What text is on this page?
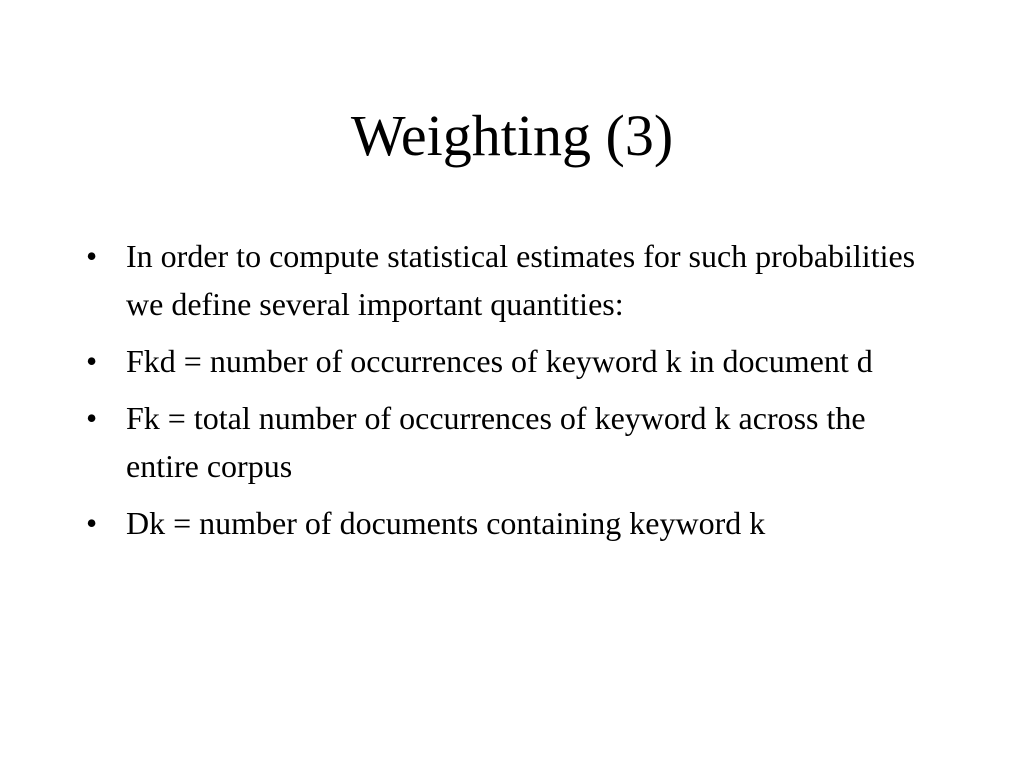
Weighting (3)
• In order to compute statistical estimates for such probabilities we define several important quantities:
• Fkd = number of occurrences of keyword k in document d
• Fk = total number of occurrences of keyword k across the entire corpus
• Dk = number of documents containing keyword k
